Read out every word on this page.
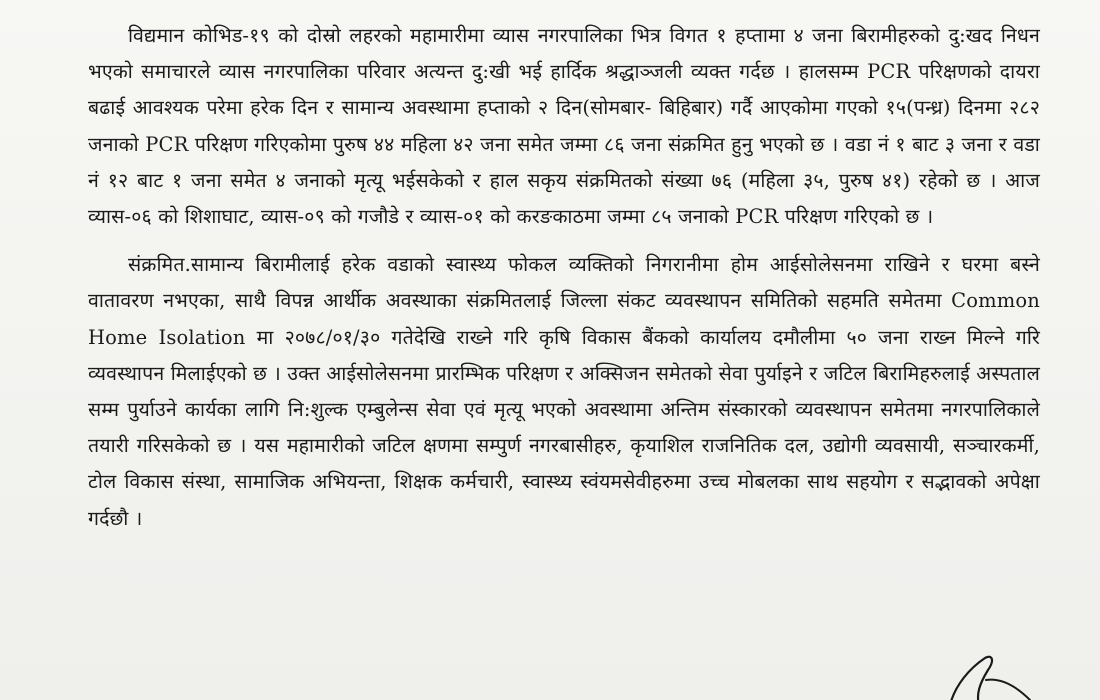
विद्यमान कोभिड-१९ को दोस्रो लहरको महामारीमा व्यास नगरपालिका भित्र विगत १ हप्तामा ४ जना बिरामीहरुको दु:खद निधन भएको समाचारले व्यास नगरपालिका परिवार अत्यन्त दु:खी भई हार्दिक श्रद्धाञ्जली व्यक्त गर्दछ । हालसम्म PCR परिक्षणको दायरा बढाई आवश्यक परेमा हरेक दिन र सामान्य अवस्थामा हप्ताको २ दिन(सोमबार- बिहिबार) गर्दै आएकोमा गएको १५(पन्ध्र) दिनमा २८२ जनाको PCR परिक्षण गरिएकोमा पुरुष ४४ महिला ४२ जना समेत जम्मा ८६ जना संक्रमित हुनु भएको छ । वडा नं १ बाट ३ जना र वडा नं १२ बाट १ जना समेत ४ जनाको मृत्यू भईसकेको र हाल सकृय संक्रमितको संख्या ७६ (महिला ३५, पुरुष ४१) रहेको छ । आज व्यास-०६ को शिशाघाट, व्यास-०९ को गजौडे र व्यास-०१ को करङकाठमा जम्मा ८५ जनाको PCR परिक्षण गरिएको छ ।

संक्रमित.सामान्य बिरामीलाई हरेक वडाको स्वास्थ्य फोकल व्यक्तिको निगरानीमा होम आईसोलेसनमा राखिने र घरमा बस्ने वातावरण नभएका, साथै विपन्न आर्थीक अवस्थाका संक्रमितलाई जिल्ला संकट व्यवस्थापन समितिको सहमति समेतमा Common Home Isolation मा २०७८/०१/३० गतेदेखि राख्ने गरि कृषि विकास बैंकको कार्यालय दमौलीमा ५० जना राख्न मिल्ने गरि व्यवस्थापन मिलाईएको छ । उक्त आईसोलेसनमा प्रारम्भिक परिक्षण र अक्सिजन समेतको सेवा पुर्याइने र जटिल बिरामिहरुलाई अस्पताल सम्म पुर्याउने कार्यका लागि नि:शुल्क एम्बुलेन्स सेवा एवं मृत्यू भएको अवस्थामा अन्तिम संस्कारको व्यवस्थापन समेतमा नगरपालिकाले तयारी गरिसकेको छ । यस महामारीको जटिल क्षणमा सम्पुर्ण नगरबासीहरु, कृयाशिल राजनितिक दल, उद्योगी व्यवसायी, सञ्चारकर्मी, टोल विकास संस्था, सामाजिक अभियन्ता, शिक्षक कर्मचारी, स्वास्थ्य स्वंयमसेवीहरुमा उच्च मोबलका साथ सहयोग र सद्भावको अपेक्षा गर्दछौ ।
